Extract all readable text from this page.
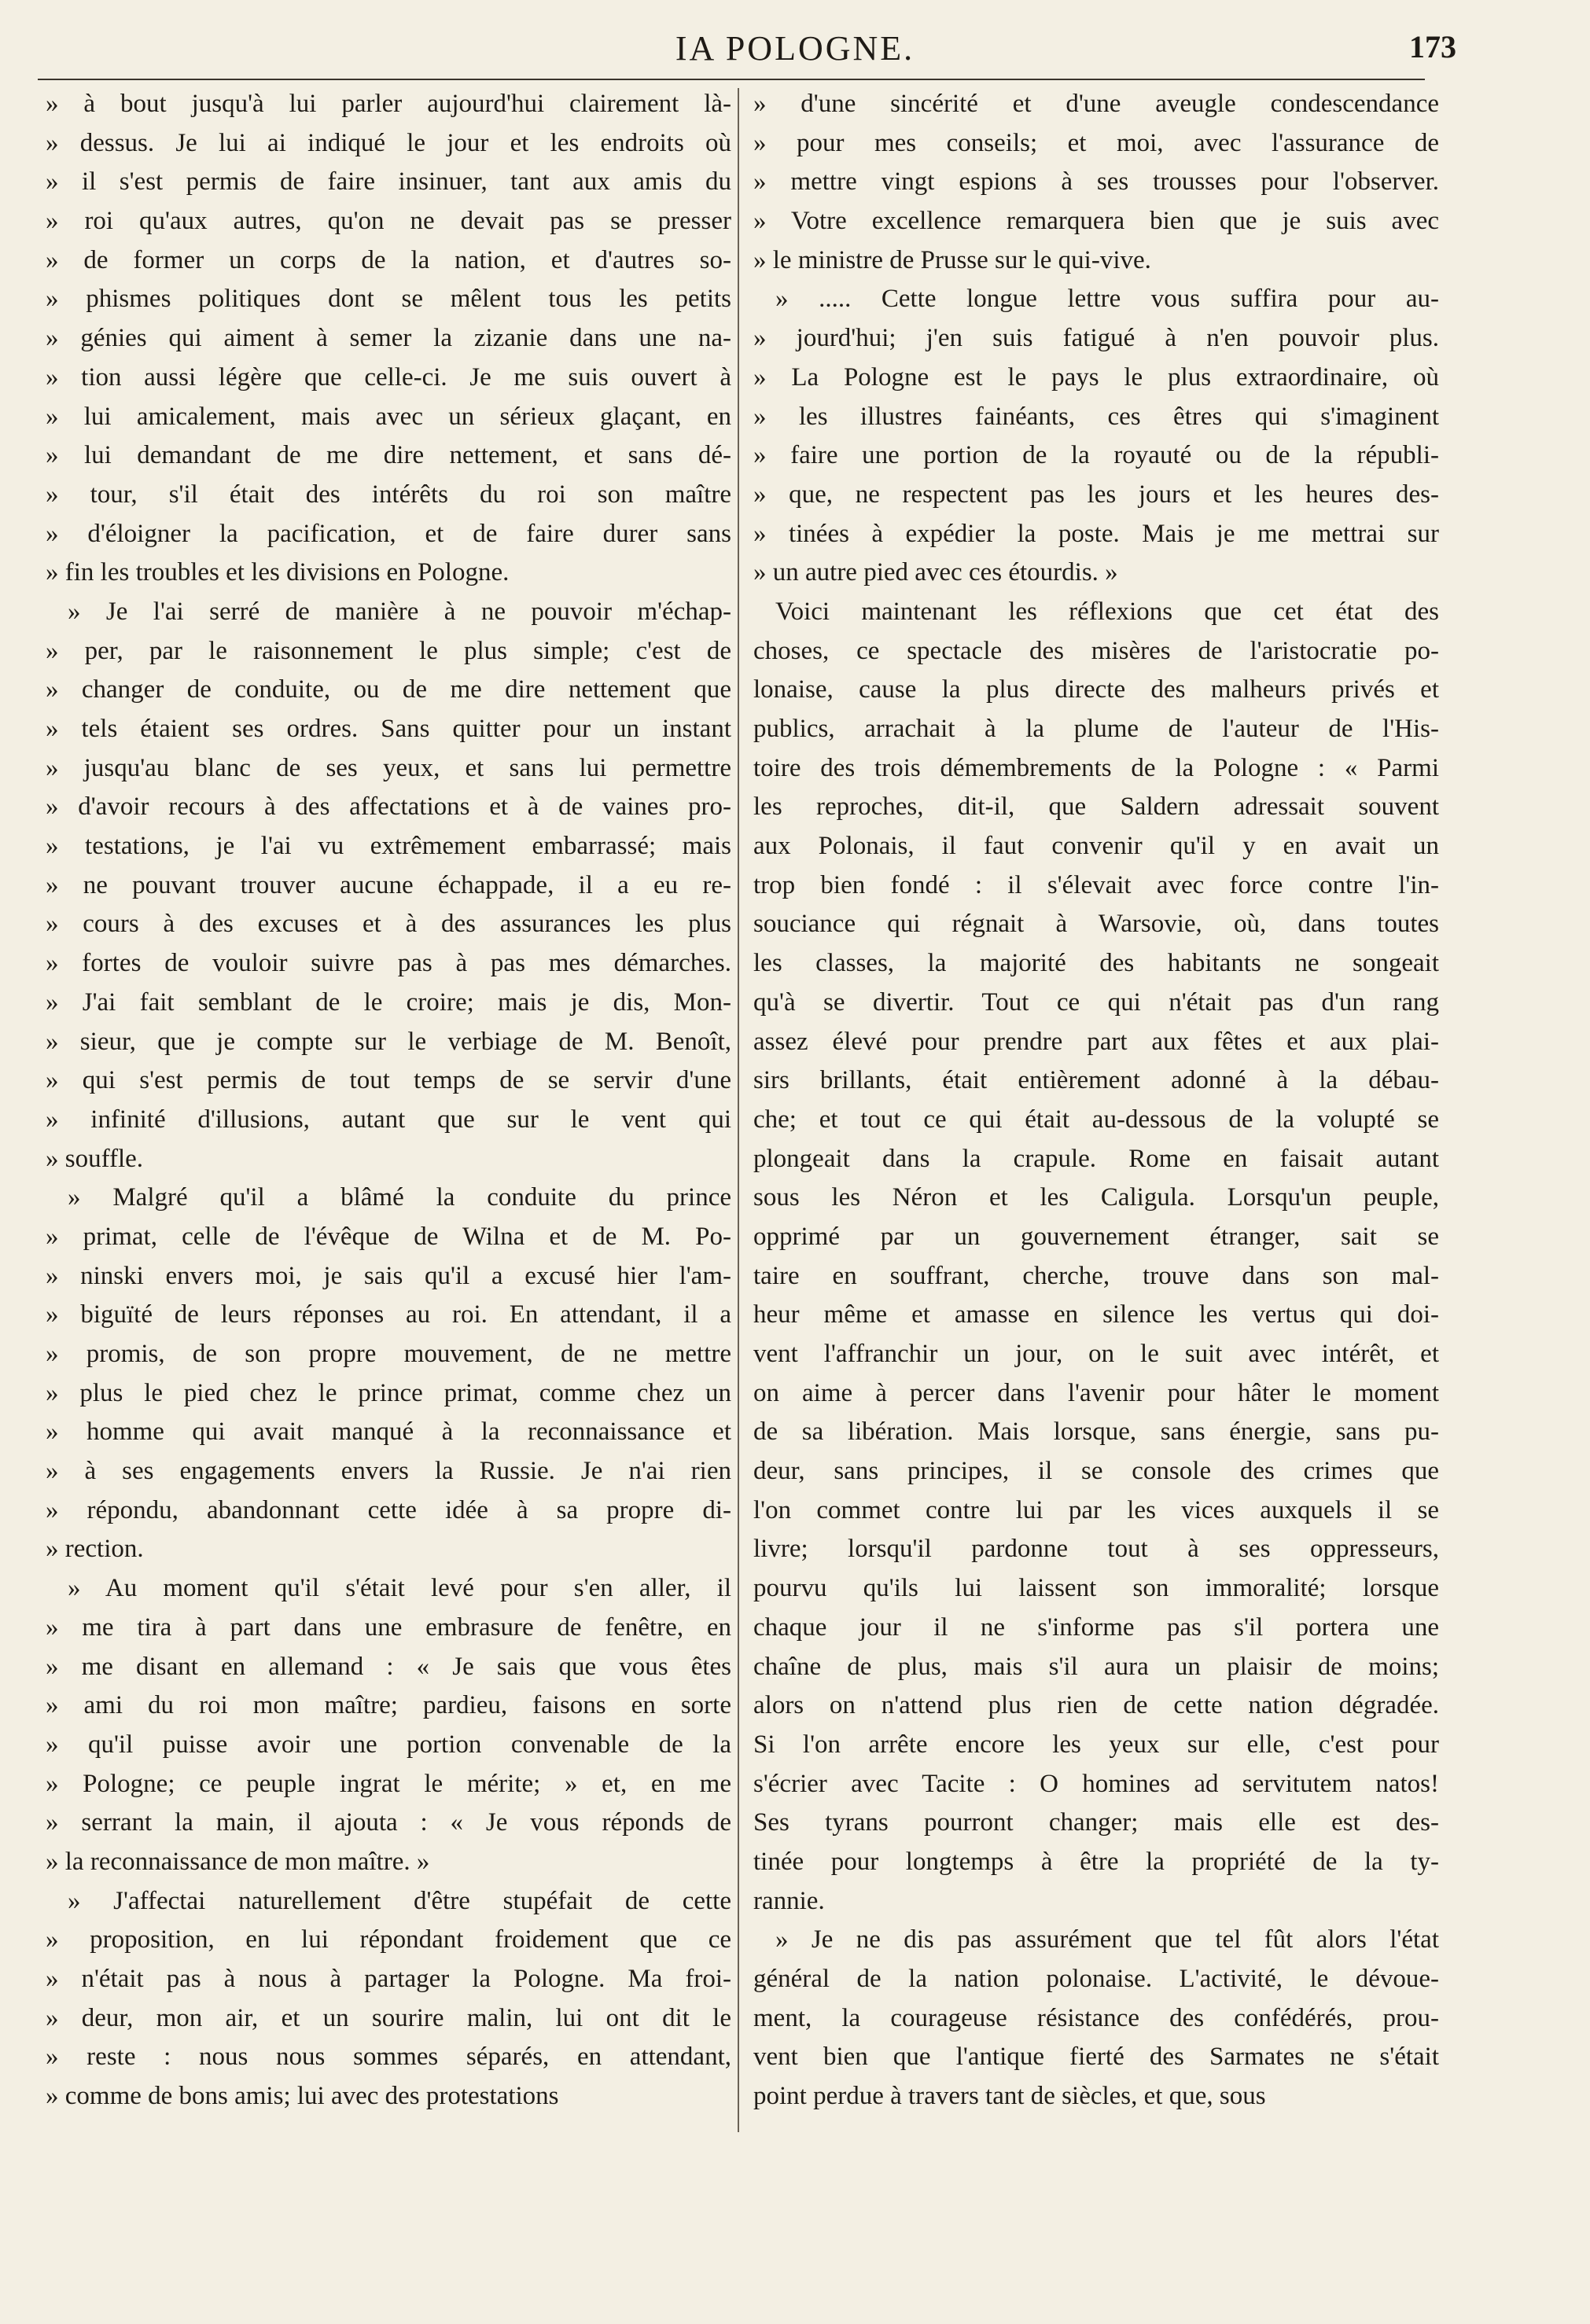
IA POLOGNE.	173
» à bout jusqu'à lui parler aujourd'hui clairement là-
» dessus. Je lui ai indiqué le jour et les endroits où
» il s'est permis de faire insinuer, tant aux amis du
» roi qu'aux autres, qu'on ne devait pas se presser
» de former un corps de la nation, et d'autres so-
» phismes politiques dont se mêlent tous les petits
» génies qui aiment à semer la zizanie dans une na-
» tion aussi légère que celle-ci. Je me suis ouvert à
» lui amicalement, mais avec un sérieux glaçant, en
» lui demandant de me dire nettement, et sans dé-
» tour, s'il était des intérêts du roi son maître
» d'éloigner la pacification, et de faire durer sans
» fin les troubles et les divisions en Pologne.
» Je l'ai serré de manière à ne pouvoir m'échap-
» per, par le raisonnement le plus simple; c'est de
» changer de conduite, ou de me dire nettement que
» tels étaient ses ordres. Sans quitter pour un instant
» jusqu'au blanc de ses yeux, et sans lui permettre
» d'avoir recours à des affectations et à de vaines pro-
» testations, je l'ai vu extrêmement embarrassé; mais
» ne pouvant trouver aucune échappade, il a eu re-
» cours à des excuses et à des assurances les plus
» fortes de vouloir suivre pas à pas mes démarches.
» J'ai fait semblant de le croire; mais je dis, Mon-
» sieur, que je compte sur le verbiage de M. Benoît,
» qui s'est permis de tout temps de se servir d'une
» infinité d'illusions, autant que sur le vent qui
» souffle.
» Malgré qu'il a blâmé la conduite du prince
» primat, celle de l'évêque de Wilna et de M. Po-
» ninski envers moi, je sais qu'il a excusé hier l'am-
» biguïté de leurs réponses au roi. En attendant, il a
» promis, de son propre mouvement, de ne mettre
» plus le pied chez le prince primat, comme chez un
» homme qui avait manqué à la reconnaissance et
» à ses engagements envers la Russie. Je n'ai rien
» répondu, abandonnant cette idée à sa propre di-
» rection.
» Au moment qu'il s'était levé pour s'en aller, il
» me tira à part dans une embrasure de fenêtre, en
» me disant en allemand : « Je sais que vous êtes
» ami du roi mon maître; pardieu, faisons en sorte
» qu'il puisse avoir une portion convenable de la
» Pologne; ce peuple ingrat le mérite; » et, en me
» serrant la main, il ajouta : « Je vous réponds de
» la reconnaissance de mon maître. »
» J'affectai naturellement d'être stupéfait de cette
» proposition, en lui répondant froidement que ce
» n'était pas à nous à partager la Pologne. Ma froi-
» deur, mon air, et un sourire malin, lui ont dit le
» reste : nous nous sommes séparés, en attendant,
» comme de bons amis; lui avec des protestations
» d'une sincérité et d'une aveugle condescendance
» pour mes conseils; et moi, avec l'assurance de
» mettre vingt espions à ses trousses pour l'observer.
» Votre excellence remarquera bien que je suis avec
» le ministre de Prusse sur le qui-vive.
» ..... Cette longue lettre vous suffira pour au-
» jourd'hui; j'en suis fatigué à n'en pouvoir plus.
» La Pologne est le pays le plus extraordinaire, où
» les illustres fainéants, ces êtres qui s'imaginent
» faire une portion de la royauté ou de la républi-
» que, ne respectent pas les jours et les heures des-
» tinées à expédier la poste. Mais je me mettrai sur
» un autre pied avec ces étourdis. »
Voici maintenant les réflexions que cet état des
choses, ce spectacle des misères de l'aristocratie po-
lonaise, cause la plus directe des malheurs privés et
publics, arrachait à la plume de l'auteur de l'His-
toire des trois démembrements de la Pologne : « Parmi
les reproches, dit-il, que Saldern adressait souvent
aux Polonais, il faut convenir qu'il y en avait un
trop bien fondé : il s'élevait avec force contre l'in-
souciance qui régnait à Warsovie, où, dans toutes
les classes, la majorité des habitants ne songeait
qu'à se divertir. Tout ce qui n'était pas d'un rang
assez élevé pour prendre part aux fêtes et aux plai-
sirs brillants, était entièrement adonné à la débau-
che; et tout ce qui était au-dessous de la volupté se
plongeait dans la crapule. Rome en faisait autant
sous les Néron et les Caligula. Lorsqu'un peuple,
opprimé par un gouvernement étranger, sait se
taire en souffrant, cherche, trouve dans son mal-
heur même et amasse en silence les vertus qui doi-
vent l'affranchir un jour, on le suit avec intérêt, et
on aime à percer dans l'avenir pour hâter le moment
de sa libération. Mais lorsque, sans énergie, sans pu-
deur, sans principes, il se console des crimes que
l'on commet contre lui par les vices auxquels il se
livre; lorsqu'il pardonne tout à ses oppresseurs,
pourvu qu'ils lui laissent son immoralité; lorsque
chaque jour il ne s'informe pas s'il portera une
chaîne de plus, mais s'il aura un plaisir de moins;
alors on n'attend plus rien de cette nation dégradée.
Si l'on arrête encore les yeux sur elle, c'est pour
s'écrier avec Tacite : O homines ad servitutem natos!
Ses tyrans pourront changer; mais elle est des-
tinée pour longtemps à être la propriété de la ty-
rannie.
» Je ne dis pas assurément que tel fût alors l'état
général de la nation polonaise. L'activité, le dévoue-
ment, la courageuse résistance des confédérés, prou-
vent bien que l'antique fierté des Sarmates ne s'était
point perdue à travers tant de siècles, et que, sous
